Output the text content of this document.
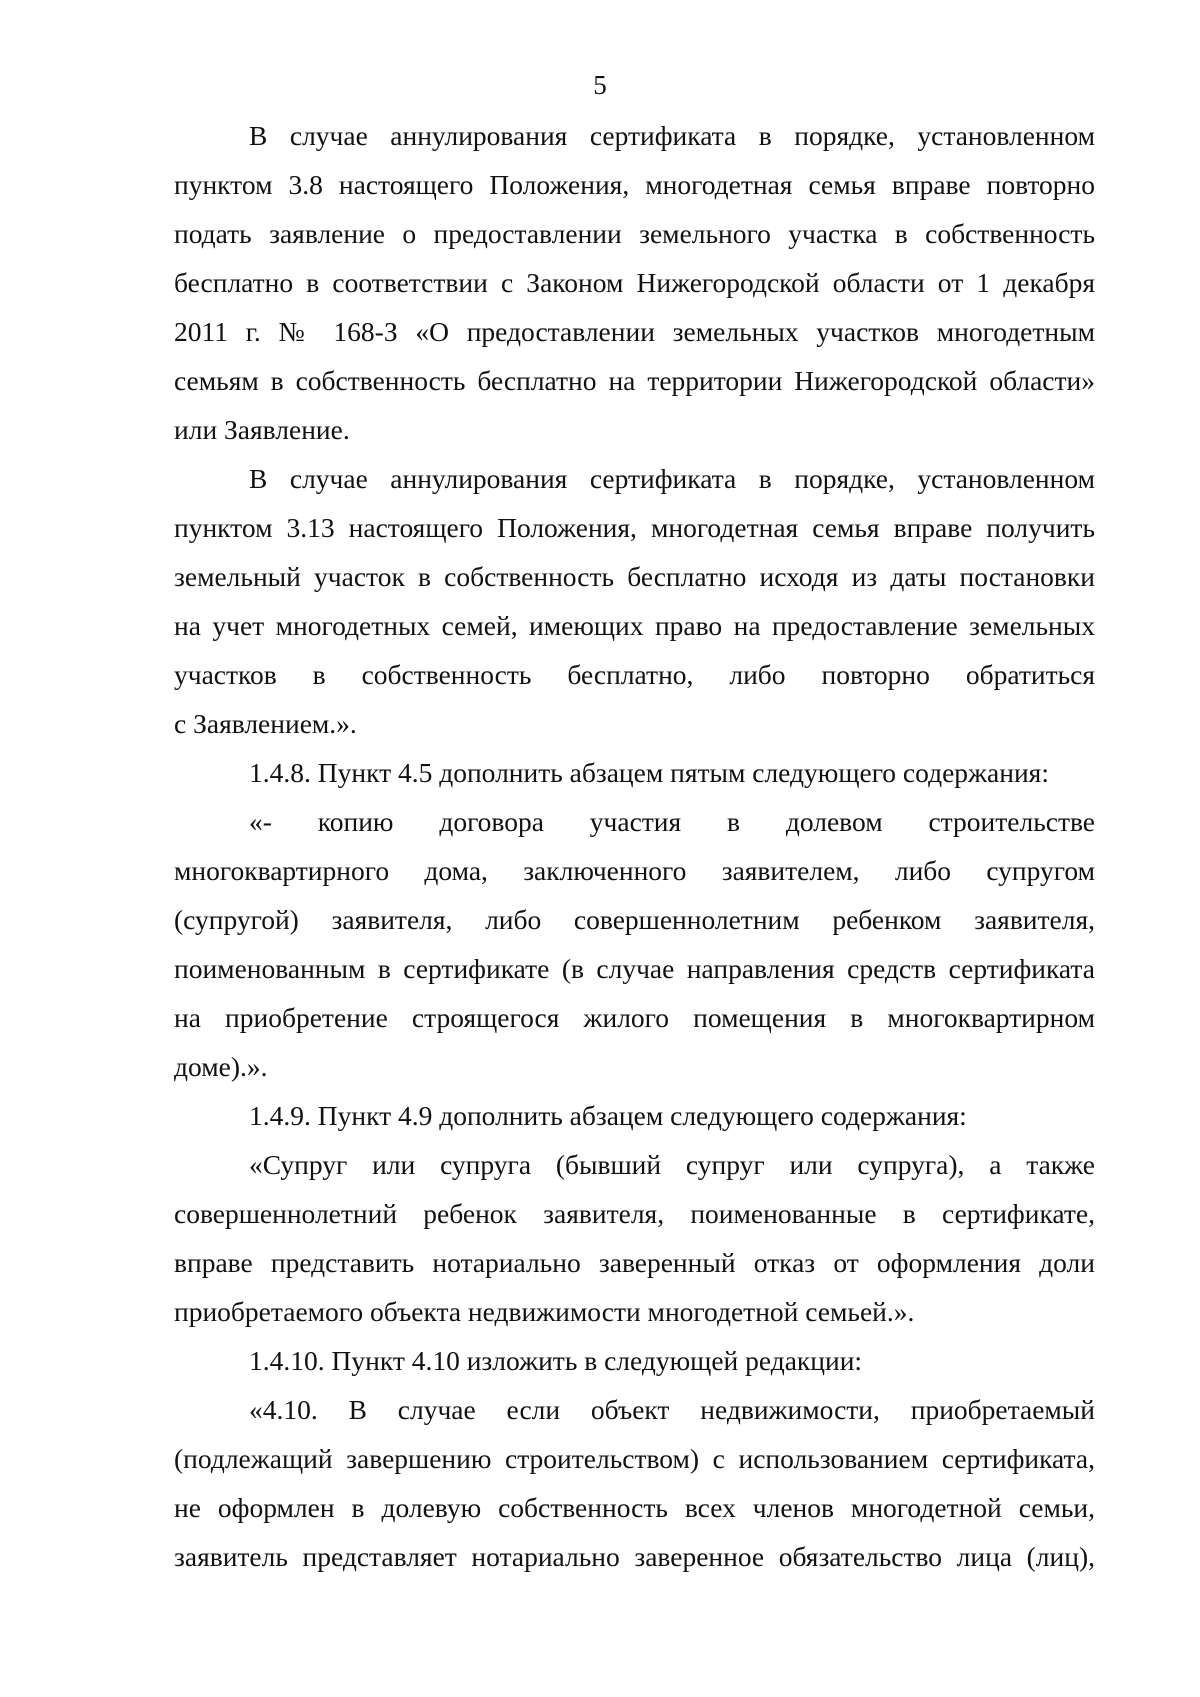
5

В случае аннулирования сертификата в порядке, установленном
пунктом 3.8 настоящего Положения, многодетная семья вправе повторно
подать заявление о предоставлении земельного участка в собственность
бесплатно в соответствии с Законом Нижегородской области от 1 декабря
2011 г. № 168-З «О предоставлении земельных участков многодетным
семьям в собственность бесплатно на территории Нижегородской области»
или Заявление.

В случае аннулирования сертификата в порядке, установленном
пунктом 3.13 настоящего Положения, многодетная семья вправе получить
земельный участок в собственность бесплатно исходя из даты постановки
на учет многодетных семей, имеющих право на предоставление земельных
участков в собственность бесплатно, либо повторно обратиться
с Заявлением.».

1.4.8. Пункт 4.5 дополнить абзацем пятым следующего содержания:

«- копию договора участия в долевом строительстве
многоквартирного дома, заключенного заявителем, либо супругом
(супругой) заявителя, либо совершеннолетним ребенком заявителя,
поименованным в сертификате (в случае направления средств сертификата
на приобретение строящегося жилого помещения в многоквартирном
доме).».

1.4.9. Пункт 4.9 дополнить абзацем следующего содержания:

«Супруг или супруга (бывший супруг или супруга), а также
совершеннолетний ребенок заявителя, поименованные в сертификате,
вправе представить нотариально заверенный отказ от оформления доли
приобретаемого объекта недвижимости многодетной семьей.».

1.4.10. Пункт 4.10 изложить в следующей редакции:

«4.10. В случае если объект недвижимости, приобретаемый
(подлежащий завершению строительством) с использованием сертификата,
не оформлен в долевую собственность всех членов многодетной семьи,
заявитель представляет нотариально заверенное обязательство лица (лиц),
